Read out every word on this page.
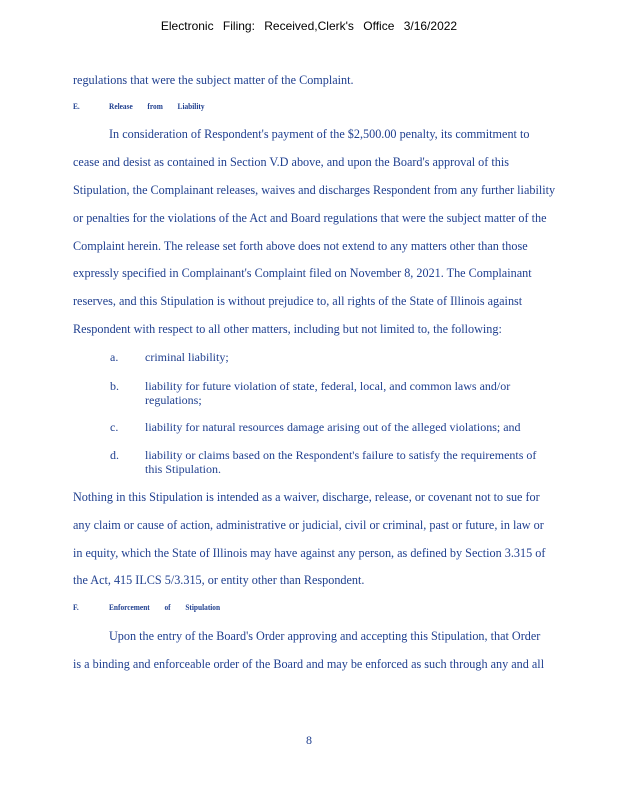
Electronic Filing: Received,Clerk's Office 3/16/2022
regulations that were the subject matter of the Complaint.
E.	Release from Liability
In consideration of Respondent's payment of the $2,500.00 penalty, its commitment to
cease and desist as contained in Section V.D above, and upon the Board's approval of this
Stipulation, the Complainant releases, waives and discharges Respondent from any further liability
or penalties for the violations of the Act and Board regulations that were the subject matter of the
Complaint herein. The release set forth above does not extend to any matters other than those
expressly specified in Complainant's Complaint filed on November 8, 2021. The Complainant
reserves, and this Stipulation is without prejudice to, all rights of the State of Illinois against
Respondent with respect to all other matters, including but not limited to, the following:
a. criminal liability;
b. liability for future violation of state, federal, local, and common laws and/or
regulations;
c. liability for natural resources damage arising out of the alleged violations; and
d. liability or claims based on the Respondent's failure to satisfy the requirements of
this Stipulation.
Nothing in this Stipulation is intended as a waiver, discharge, release, or covenant not to sue for
any claim or cause of action, administrative or judicial, civil or criminal, past or future, in law or
in equity, which the State of Illinois may have against any person, as defined by Section 3.315 of
the Act, 415 ILCS 5/3.315, or entity other than Respondent.
F.	Enforcement of Stipulation
Upon the entry of the Board's Order approving and accepting this Stipulation, that Order
is a binding and enforceable order of the Board and may be enforced as such through any and all
8
